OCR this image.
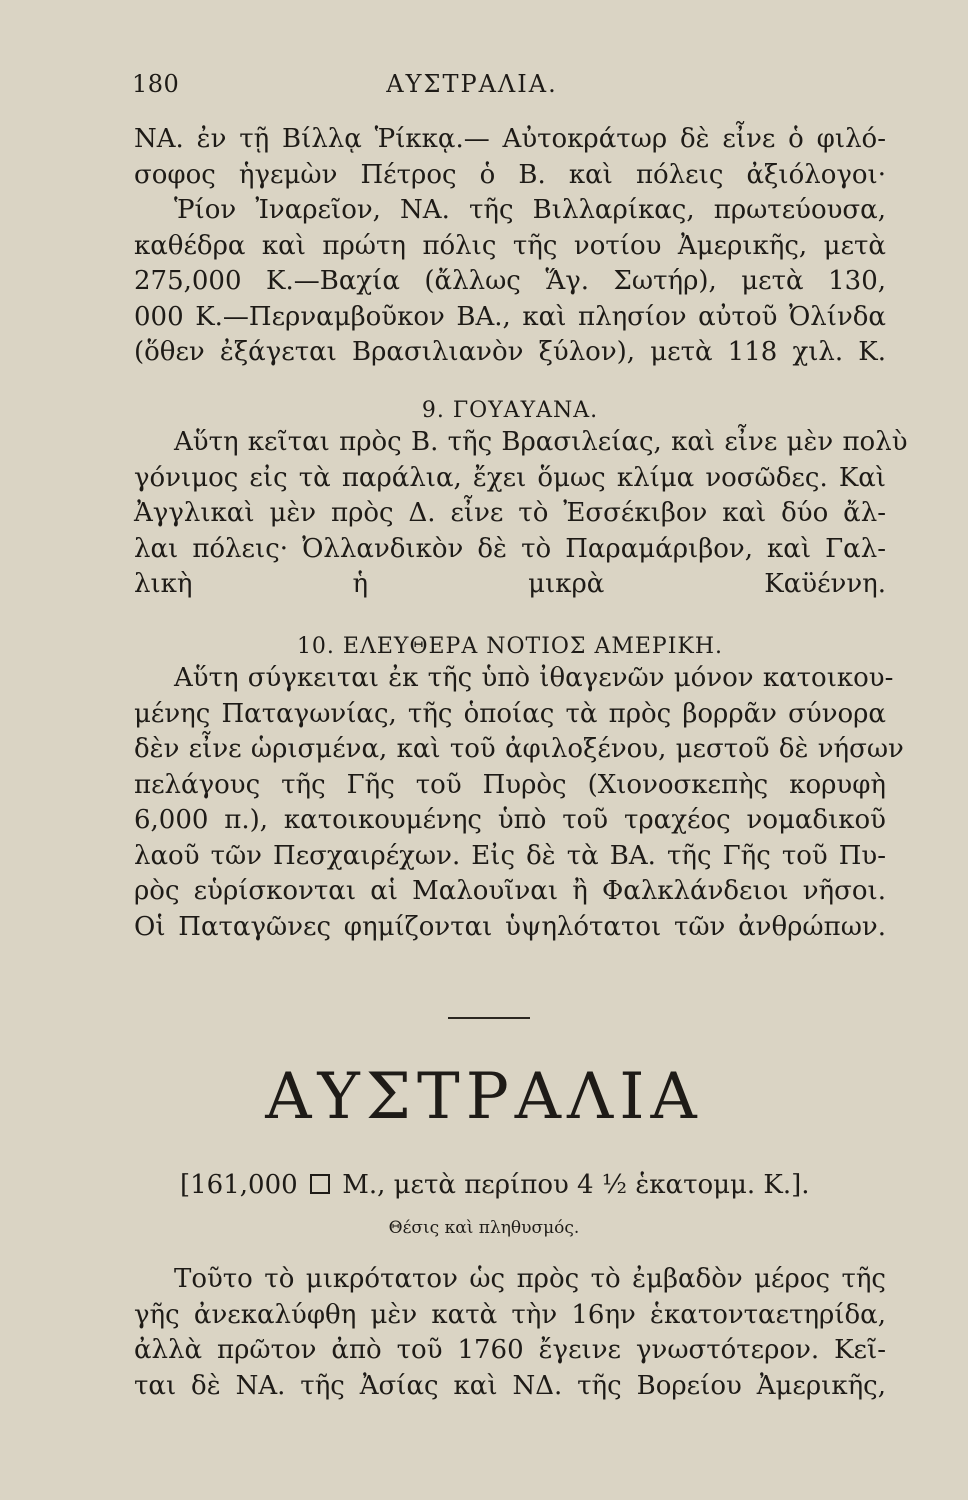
180	ΑΥΣΤΡΑΛΙΑ.
ΝΑ. ἐν τῇ Βίλλᾳ Ῥίκκᾳ.— Αὐτοκράτωρ δὲ εἶνε ὁ φιλό-
σοφος ἡγεμὼν Πέτρος ὁ Β. καὶ πόλεις ἀξιόλογοι·
Ῥίον Ἰναρεῖον, ΝΑ. τῆς Βιλλαρίκας, πρωτεύουσα,
καθέδρα καὶ πρώτη πόλις τῆς νοτίου Ἀμερικῆς, μετὰ
275,000 Κ.—Βαχία (ἄλλως Ἅγ. Σωτήρ), μετὰ 130,
000 Κ.—Περναμβοῦκον ΒΑ., καὶ πλησίον αὐτοῦ Ὀλίνδα
(ὅθεν ἐξάγεται Βρασιλιανὸν ξύλον), μετὰ 118 χιλ. Κ.
9. ΓΟΥΑΥΑΝΑ.
Αὕτη κεῖται πρὸς Β. τῆς Βρασιλείας, καὶ εἶνε μὲν πολὺ
γόνιμος εἰς τὰ παράλια, ἔχει ὅμως κλίμα νοσῶδες. Καὶ
Ἀγγλικαὶ μὲν πρὸς Δ. εἶνε τὸ Ἐσσέκιβον καὶ δύο ἄλ-
λαι πόλεις· Ὀλλανδικὸν δὲ τὸ Παραμάριβον, καὶ Γαλ-
λικὴ ἡ μικρὰ Καϋέννη.
10. ΕΛΕΥΘΕΡΑ ΝΟΤΙΟΣ ΑΜΕΡΙΚΗ.
Αὕτη σύγκειται ἐκ τῆς ὑπὸ ἰθαγενῶν μόνον κατοικου-
μένης Παταγωνίας, τῆς ὁποίας τὰ πρὸς βορρᾶν σύνορα
δὲν εἶνε ὡρισμένα, καὶ τοῦ ἀφιλοξένου, μεστοῦ δὲ νήσων
πελάγους τῆς Γῆς τοῦ Πυρὸς (Χιονοσκεπὴς κορυφὴ
6,000 π.), κατοικουμένης ὑπὸ τοῦ τραχέος νομαδικοῦ
λαοῦ τῶν Πεσχαιρέχων. Εἰς δὲ τὰ ΒΑ. τῆς Γῆς τοῦ Πυ-
ρὸς εὑρίσκονται αἱ Μαλουῖναι ἢ Φαλκλάνδειοι νῆσοι.
Οἱ Παταγῶνες φημίζονται ὑψηλότατοι τῶν ἀνθρώπων.
ΑΥΣΤΡΑΛΙΑ
[161,000 Μ., μετὰ περίπου 4 ½ ἑκατομμ. Κ.].
Θέσις καὶ πληθυσμός.
Τοῦτο τὸ μικρότατον ὡς πρὸς τὸ ἐμβαδὸν μέρος τῆς
γῆς ἀνεκαλύφθη μὲν κατὰ τὴν 16ην ἑκατονταετηρίδα,
ἀλλὰ πρῶτον ἀπὸ τοῦ 1760 ἔγεινε γνωστότερον. Κεῖ-
ται δὲ ΝΑ. τῆς Ἀσίας καὶ ΝΔ. τῆς Βορείου Ἀμερικῆς,
